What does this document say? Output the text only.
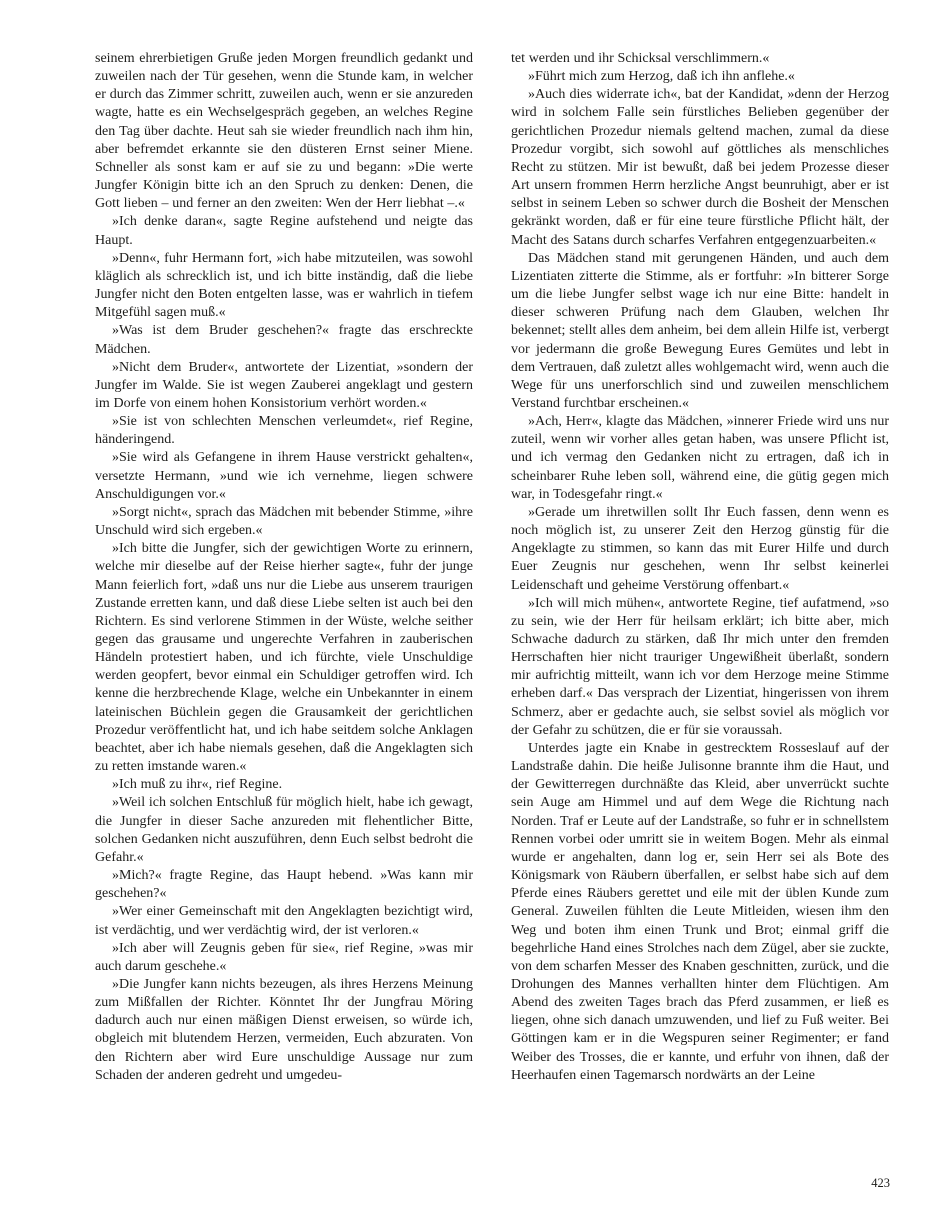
seinem ehrerbietigen Gruße jeden Morgen freundlich gedankt und zuweilen nach der Tür gesehen, wenn die Stunde kam, in welcher er durch das Zimmer schritt, zuweilen auch, wenn er sie anzureden wagte, hatte es ein Wechselgespräch gegeben, an welches Regine den Tag über dachte. Heut sah sie wieder freundlich nach ihm hin, aber befremdet erkannte sie den düsteren Ernst seiner Miene. Schneller als sonst kam er auf sie zu und begann: »Die werte Jungfer Königin bitte ich an den Spruch zu denken: Denen, die Gott lieben – und ferner an den zweiten: Wen der Herr liebhat –.«

»Ich denke daran«, sagte Regine aufstehend und neigte das Haupt.

»Denn«, fuhr Hermann fort, »ich habe mitzuteilen, was sowohl kläglich als schrecklich ist, und ich bitte inständig, daß die liebe Jungfer nicht den Boten entgelten lasse, was er wahrlich in tiefem Mitgefühl sagen muß.«

»Was ist dem Bruder geschehen?« fragte das erschreckte Mädchen.

»Nicht dem Bruder«, antwortete der Lizentiat, »sondern der Jungfer im Walde. Sie ist wegen Zauberei angeklagt und gestern im Dorfe von einem hohen Konsistorium verhört worden.«

»Sie ist von schlechten Menschen verleumdet«, rief Regine, händeringend.

»Sie wird als Gefangene in ihrem Hause verstrickt gehalten«, versetzte Hermann, »und wie ich vernehme, liegen schwere Anschuldigungen vor.«

»Sorgt nicht«, sprach das Mädchen mit bebender Stimme, »ihre Unschuld wird sich ergeben.«

»Ich bitte die Jungfer, sich der gewichtigen Worte zu erinnern, welche mir dieselbe auf der Reise hierher sagte«, fuhr der junge Mann feierlich fort, »daß uns nur die Liebe aus unserem traurigen Zustande erretten kann, und daß diese Liebe selten ist auch bei den Richtern. Es sind verlorene Stimmen in der Wüste, welche seither gegen das grausame und ungerechte Verfahren in zauberischen Händeln protestiert haben, und ich fürchte, viele Unschuldige werden geopfert, bevor einmal ein Schuldiger getroffen wird. Ich kenne die herzbrechende Klage, welche ein Unbekannter in einem lateinischen Büchlein gegen die Grausamkeit der gerichtlichen Prozedur veröffentlicht hat, und ich habe seitdem solche Anklagen beachtet, aber ich habe niemals gesehen, daß die Angeklagten sich zu retten imstande waren.«

»Ich muß zu ihr«, rief Regine.

»Weil ich solchen Entschluß für möglich hielt, habe ich gewagt, die Jungfer in dieser Sache anzureden mit flehentlicher Bitte, solchen Gedanken nicht auszuführen, denn Euch selbst bedroht die Gefahr.«

»Mich?« fragte Regine, das Haupt hebend. »Was kann mir geschehen?«

»Wer einer Gemeinschaft mit den Angeklagten bezichtigt wird, ist verdächtig, und wer verdächtig wird, der ist verloren.«

»Ich aber will Zeugnis geben für sie«, rief Regine, »was mir auch darum geschehe.«

»Die Jungfer kann nichts bezeugen, als ihres Herzens Meinung zum Mißfallen der Richter. Könntet Ihr der Jungfrau Möring dadurch auch nur einen mäßigen Dienst erweisen, so würde ich, obgleich mit blutendem Herzen, vermeiden, Euch abzuraten. Von den Richtern aber wird Eure unschuldige Aussage nur zum Schaden der anderen gedreht und umgedeu-

tet werden und ihr Schicksal verschlimmern.«

»Führt mich zum Herzog, daß ich ihn anflehe.«

»Auch dies widerrate ich«, bat der Kandidat, »denn der Herzog wird in solchem Falle sein fürstliches Belieben gegenüber der gerichtlichen Prozedur niemals geltend machen, zumal da diese Prozedur vorgibt, sich sowohl auf göttliches als menschliches Recht zu stützen. Mir ist bewußt, daß bei jedem Prozesse dieser Art unsern frommen Herrn herzliche Angst beunruhigt, aber er ist selbst in seinem Leben so schwer durch die Bosheit der Menschen gekränkt worden, daß er für eine teure fürstliche Pflicht hält, der Macht des Satans durch scharfes Verfahren entgegenzuarbeiten.«

Das Mädchen stand mit gerungenen Händen, und auch dem Lizentiaten zitterte die Stimme, als er fortfuhr: »In bitterer Sorge um die liebe Jungfer selbst wage ich nur eine Bitte: handelt in dieser schweren Prüfung nach dem Glauben, welchen Ihr bekennet; stellt alles dem anheim, bei dem allein Hilfe ist, verbergt vor jedermann die große Bewegung Eures Gemütes und lebt in dem Vertrauen, daß zuletzt alles wohlgemacht wird, wenn auch die Wege für uns unerforschlich sind und zuweilen menschlichem Verstand furchtbar erscheinen.«

»Ach, Herr«, klagte das Mädchen, »innerer Friede wird uns nur zuteil, wenn wir vorher alles getan haben, was unsere Pflicht ist, und ich vermag den Gedanken nicht zu ertragen, daß ich in scheinbarer Ruhe leben soll, während eine, die gütig gegen mich war, in Todesgefahr ringt.«

»Gerade um ihretwillen sollt Ihr Euch fassen, denn wenn es noch möglich ist, zu unserer Zeit den Herzog günstig für die Angeklagte zu stimmen, so kann das mit Eurer Hilfe und durch Euer Zeugnis nur geschehen, wenn Ihr selbst keinerlei Leidenschaft und geheime Verstörung offenbart.«

»Ich will mich mühen«, antwortete Regine, tief aufatmend, »so zu sein, wie der Herr für heilsam erklärt; ich bitte aber, mich Schwache dadurch zu stärken, daß Ihr mich unter den fremden Herrschaften hier nicht trauriger Ungewißheit überlaßt, sondern mir aufrichtig mitteilt, wann ich vor dem Herzoge meine Stimme erheben darf.« Das versprach der Lizentiat, hingerissen von ihrem Schmerz, aber er gedachte auch, sie selbst soviel als möglich vor der Gefahr zu schützen, die er für sie voraussah.

Unterdes jagte ein Knabe in gestrecktem Rosseslauf auf der Landstraße dahin. Die heiße Julisonne brannte ihm die Haut, und der Gewitterregen durchnäßte das Kleid, aber unverrückt suchte sein Auge am Himmel und auf dem Wege die Richtung nach Norden. Traf er Leute auf der Landstraße, so fuhr er in schnellstem Rennen vorbei oder umritt sie in weitem Bogen. Mehr als einmal wurde er angehalten, dann log er, sein Herr sei als Bote des Königsmark von Räubern überfallen, er selbst habe sich auf dem Pferde eines Räubers gerettet und eile mit der üblen Kunde zum General. Zuweilen fühlten die Leute Mitleiden, wiesen ihm den Weg und boten ihm einen Trunk und Brot; einmal griff die begehrliche Hand eines Strolches nach dem Zügel, aber sie zuckte, von dem scharfen Messer des Knaben geschnitten, zurück, und die Drohungen des Mannes verhallten hinter dem Flüchtigen. Am Abend des zweiten Tages brach das Pferd zusammen, er ließ es liegen, ohne sich danach umzuwenden, und lief zu Fuß weiter. Bei Göttingen kam er in die Wegspuren seiner Regimenter; er fand Weiber des Trosses, die er kannte, und erfuhr von ihnen, daß der Heerhaufen einen Tagemarsch nordwärts an der Leine

423
